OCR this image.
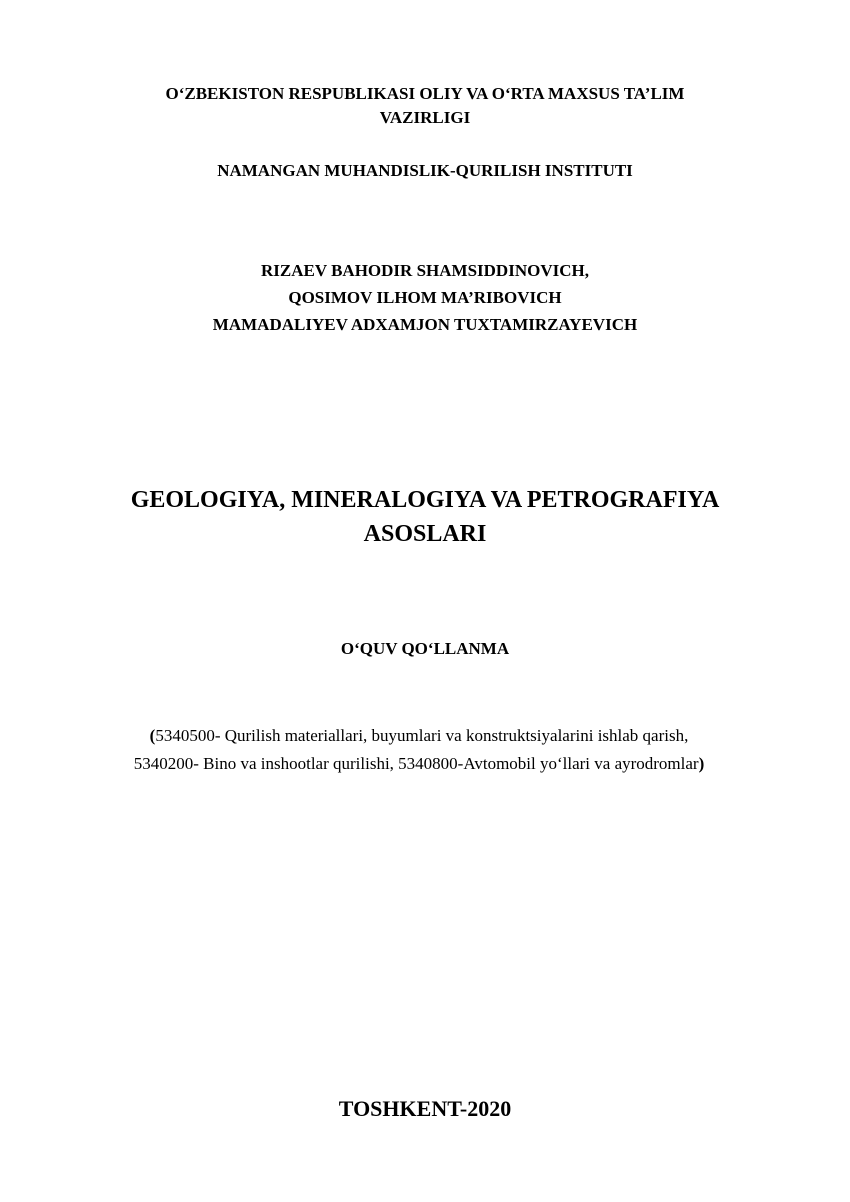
O‘ZBEKISTON RESPUBLIKASI OLIY VA O‘RTA MAXSUS TA’LIM

VAZIRLIGI

NAMANGAN MUHANDISLIK-QURILISH INSTITUTI

RIZAEV BAHODIR SHAMSIDDINOVICH,

QOSIMOV ILHOM MA’RIBOVICH

MAMADALIYEV ADXAMJON TUXTAMIRZAYEVICH

GEOLOGIYA, MINERALOGIYA VA PETROGRAFIYA

ASOSLARI

O‘QUV QO‘LLANMA

(5340500- Qurilish materiallari, buyumlari va konstruktsiyalarini ishlab qarish,

5340200- Bino va inshootlar qurilishi, 5340800-Avtomobil yo‘llari va ayrodromlar)

TOSHKENT-2020
